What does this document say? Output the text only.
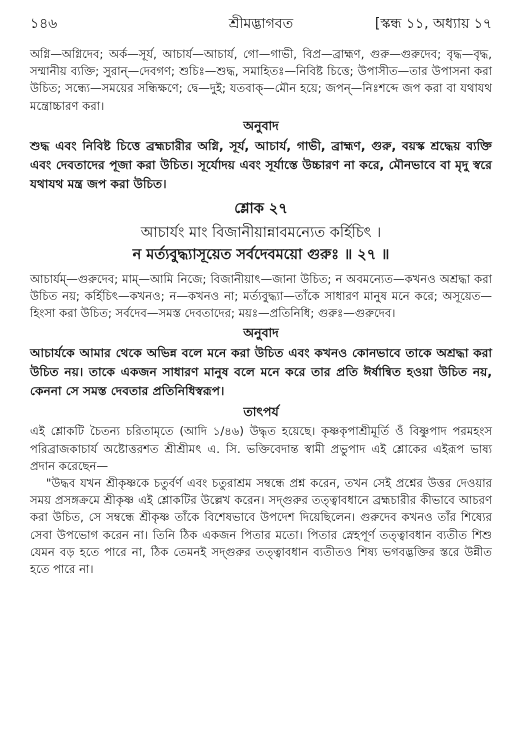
১৪৬	শ্রীমদ্ভাগবত	[স্কন্ধ ১১, অধ্যায় ১৭

অগ্নি—অগ্নিদেব; অর্ক—সূর্য, আচার্য—আচার্য, গো—গাভী, বিপ্র—ব্রাহ্মণ, গুরু—গুরুদেব; বৃদ্ধ—বৃদ্ধ, সম্মানীয় ব্যক্তি; সুরান্—দেবগণ; শুচিঃ—শুদ্ধ, সমাহিতঃ—নিবিষ্ট চিত্তে; উপাসীত—তার উপাসনা করা উচিত; সন্ধ্যে—সময়ের সন্ধিক্ষণে; দ্বে—দুই; যতবাক্—মৌন হয়ে; জপন্—নিঃশব্দে জপ করা বা যথাযথ মন্ত্রোচ্চারণ করা।

অনুবাদ

শুদ্ধ এবং নিবিষ্ট চিত্তে ব্রহ্মচারীর অগ্নি, সূর্য, আচার্য, গাভী, ব্রাহ্মণ, গুরু, বয়স্ক শ্রদ্ধেয় ব্যক্তি এবং দেবতাদের পূজা করা উচিত। সূর্যোদয় এবং সূর্যাস্তে উচ্চারণ না করে, মৌনভাবে বা মৃদু স্বরে যথাযথ মন্ত্র জপ করা উচিত।

শ্লোক ২৭

আচার্যং মাং বিজানীয়ান্নাবমন্যেত কর্হিচিৎ ।

ন মর্ত্যবুদ্ধ্যাসূয়েত সর্বদেবময়ো গুরুঃ ॥ ২৭ ॥

আচার্যম্—গুরুদেব; মাম্—আমি নিজে; বিজানীয়াৎ—জানা উচিত; ন অবমন্যেত—কখনও অশ্রদ্ধা করা উচিত নয়; কর্হিচিৎ—কখনও; ন—কখনও না; মর্ত্যবুদ্ধ্যা—তাঁকে সাধারণ মানুষ মনে করে; অসূয়েত—হিংসা করা উচিত; সর্বদেব—সমস্ত দেবতাদের; ময়ঃ—প্রতিনিধি; গুরুঃ—গুরুদেব।

অনুবাদ

আচার্যকে আমার থেকে অভিন্ন বলে মনে করা উচিত এবং কখনও কোনভাবে তাকে অশ্রদ্ধা করা উচিত নয়। তাকে একজন সাধারণ মানুষ বলে মনে করে তার প্রতি ঈর্ষান্বিত হওয়া উচিত নয়, কেননা সে সমস্ত দেবতার প্রতিনিধিস্বরূপ।

তাৎপর্য

এই শ্লোকটি চৈতন্য চরিতামৃতে (আদি ১/৪৬) উদ্ধৃত হয়েছে। কৃষ্ণকৃপাশ্রীমূর্তি ওঁ বিষ্ণুপাদ পরমহংস পরিব্রাজকাচার্য অষ্টোত্তরশত শ্রীশ্রীমৎ এ. সি. ভক্তিবেদান্ত স্বামী প্রভুপাদ এই শ্লোকের এইরূপ ভাষ্য প্রদান করেছেন—

"উদ্ধব যখন শ্রীকৃষ্ণকে চতুর্বর্ণ এবং চতুরাশ্রম সম্বন্ধে প্রশ্ন করেন, তখন সেই প্রশ্নের উত্তর দেওয়ার সময় প্রসঙ্গক্রমে শ্রীকৃষ্ণ এই শ্লোকটির উল্লেখ করেন। সদ্গুরুর তত্ত্বাবধানে ব্রহ্মচারীর কীভাবে আচরণ করা উচিত, সে সম্বন্ধে শ্রীকৃষ্ণ তাঁকে বিশেষভাবে উপদেশ দিয়েছিলেন। গুরুদেব কখনও তাঁর শিষ্যের সেবা উপভোগ করেন না। তিনি ঠিক একজন পিতার মতো। পিতার স্নেহপূর্ণ তত্ত্বাবধান ব্যতীত শিশু যেমন বড় হতে পারে না, ঠিক তেমনই সদ্গুরুর তত্ত্বাবধান ব্যতীতও শিষ্য ভগবদ্ভক্তির স্তরে উন্নীত হতে পারে না।
